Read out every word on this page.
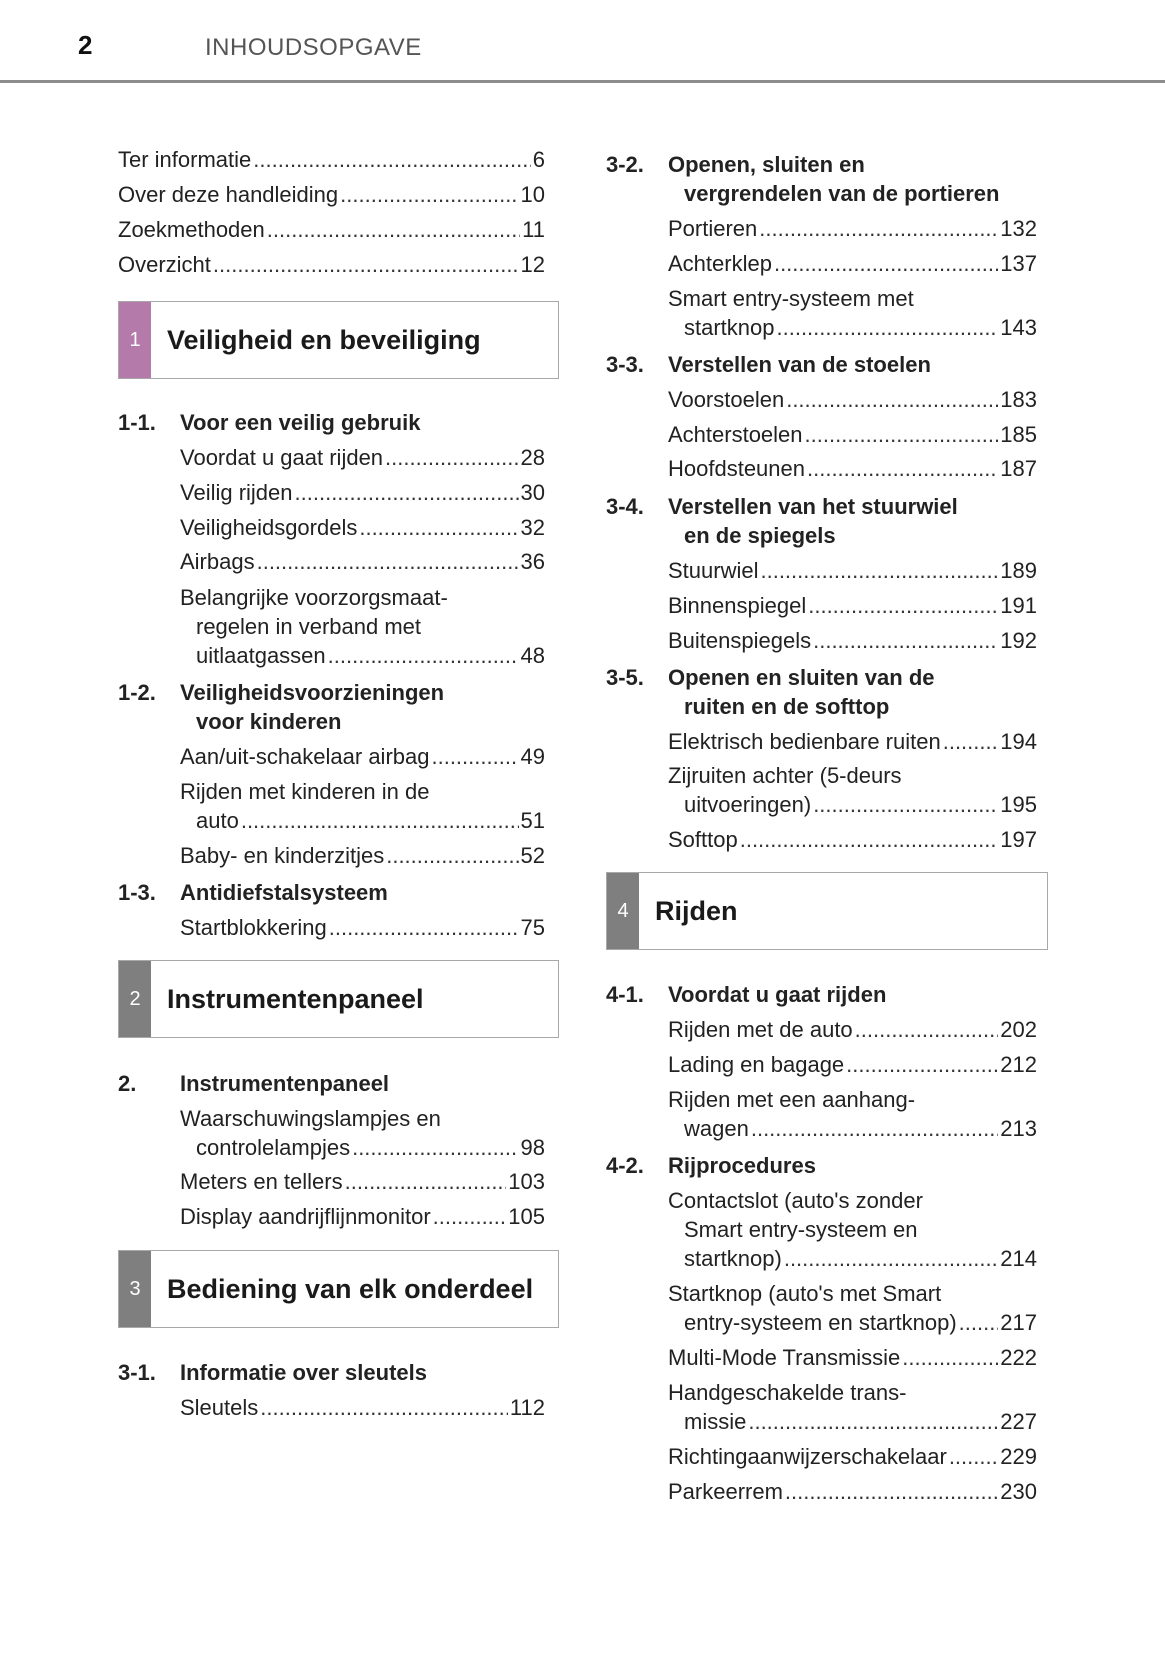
2	INHOUDSOPGAVE
Ter informatie .....	6
Over deze handleiding .....	10
Zoekmethoden .....	11
Overzicht .....	12
1 Veiligheid en beveiliging
1-1. Voor een veilig gebruik
Voordat u gaat rijden .....	28
Veilig rijden .....	30
Veiligheidsgordels .....	32
Airbags .....	36
Belangrijke voorzorgsmaat-
regelen in verband met
uitlaatgassen .....	48
1-2. Veiligheidsvoorzieningen
voor kinderen
Aan/uit-schakelaar airbag .....	49
Rijden met kinderen in de
auto .....	51
Baby- en kinderzitjes .....	52
1-3. Antidiefstalsysteem
Startblokkering .....	75
2 Instrumentenpaneel
2. Instrumentenpaneel
Waarschuwingslampjes en
controlelampjes .....	98
Meters en tellers .....	103
Display aandrijflijnmonitor .....	105
3 Bediening van elk onderdeel
3-1. Informatie over sleutels
Sleutels .....	112
3-2. Openen, sluiten en
vergrendelen van de portieren
Portieren .....	132
Achterklep .....	137
Smart entry-systeem met
startknop .....	143
3-3. Verstellen van de stoelen
Voorstoelen .....	183
Achterstoelen .....	185
Hoofdsteunen .....	187
3-4. Verstellen van het stuurwiel
en de spiegels
Stuurwiel .....	189
Binnenspiegel .....	191
Buitenspiegels .....	192
3-5. Openen en sluiten van de
ruiten en de softtop
Elektrisch bedienbare ruiten .....	194
Zijruiten achter (5-deurs
uitvoeringen) .....	195
Softtop .....	197
4 Rijden
4-1. Voordat u gaat rijden
Rijden met de auto .....	202
Lading en bagage .....	212
Rijden met een aanhang-
wagen .....	213
4-2. Rijprocedures
Contactslot (auto's zonder
Smart entry-systeem en
startknop) .....	214
Startknop (auto's met Smart
entry-systeem en startknop) ..... 217
Multi-Mode Transmissie .....	222
Handgeschakelde trans-
missie .....	227
Richtingaanwijzerschakelaar ..... 229
Parkeerrem .....	230
